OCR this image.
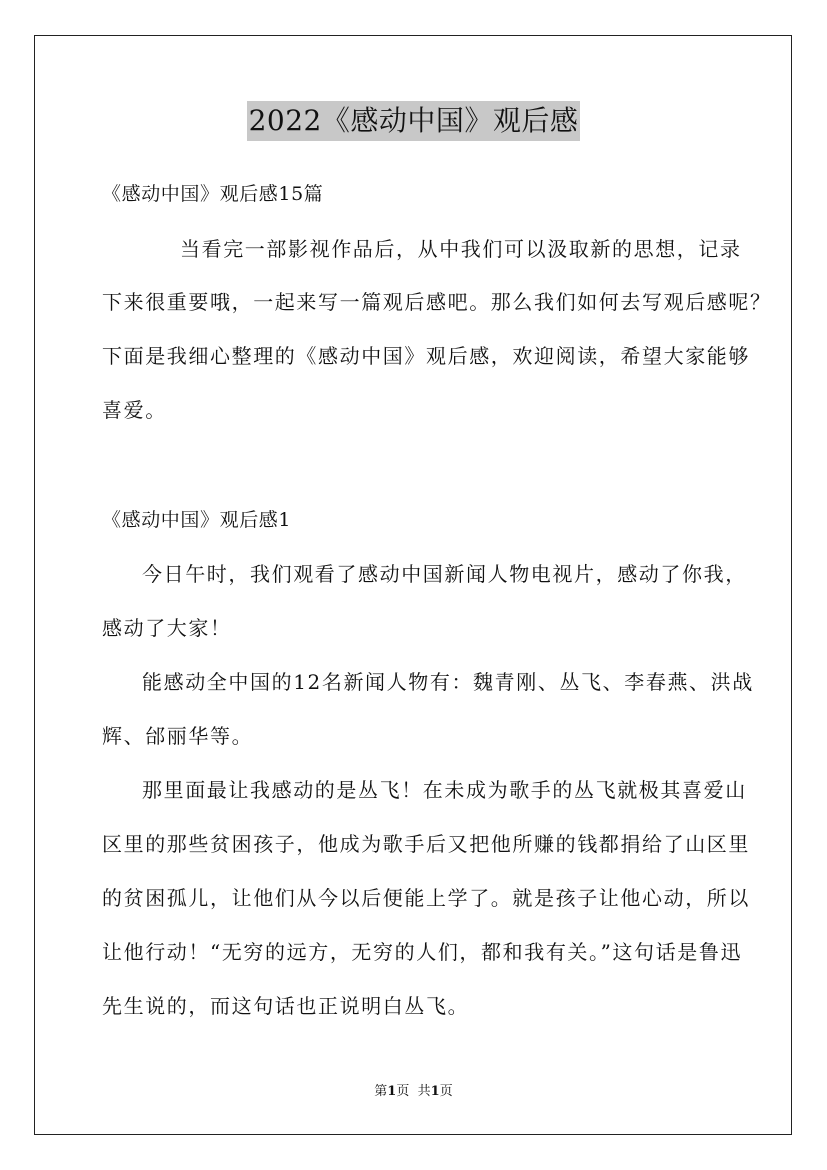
2022《感动中国》观后感
《感动中国》观后感15篇
当看完一部影视作品后，从中我们可以汲取新的思想，记录
下来很重要哦，一起来写一篇观后感吧。那么我们如何去写观后感呢？
下面是我细心整理的《感动中国》观后感，欢迎阅读，希望大家能够
喜爱。
《感动中国》观后感1
今日午时，我们观看了感动中国新闻人物电视片，感动了你我，
感动了大家！
能感动全中国的12名新闻人物有：魏青刚、丛飞、李春燕、洪战
辉、邰丽华等。
那里面最让我感动的是丛飞！在未成为歌手的丛飞就极其喜爱山
区里的那些贫困孩子，他成为歌手后又把他所赚的钱都捐给了山区里
的贫困孤儿，让他们从今以后便能上学了。就是孩子让他心动，所以
让他行动！“无穷的远方，无穷的人们，都和我有关。”这句话是鲁迅
先生说的，而这句话也正说明白丛飞。
第1页 共1页
